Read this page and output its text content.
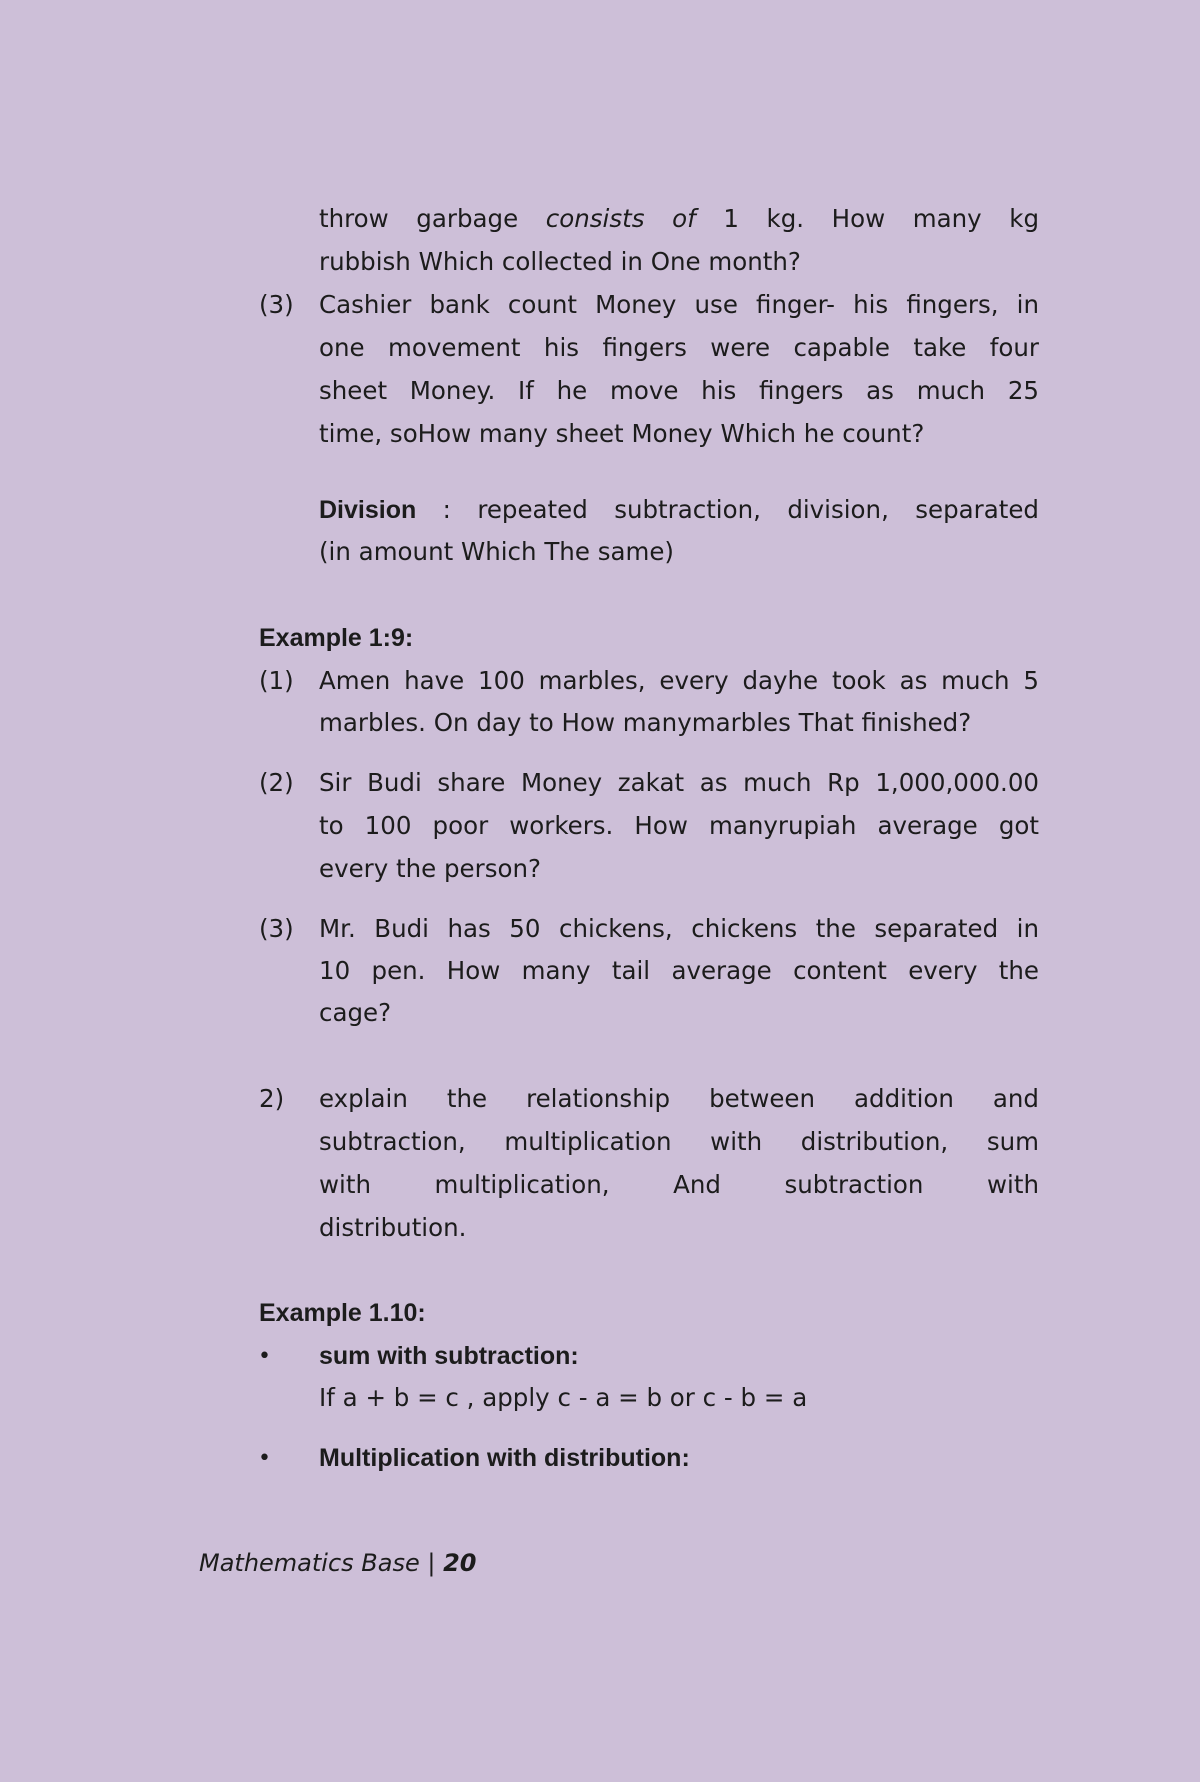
throw garbage consists of 1 kg. How many kg
rubbish Which collected in One month?
(3) Cashier bank count Money use finger- his fingers, in
one movement his fingers were capable take four
sheet Money. If he move his fingers as much 25
time, soHow many sheet Money Which he count?
Division : repeated subtraction, division, separated
(in amount Which The same)
Example 1:9:
(1) Amen have 100 marbles, every dayhe took as much 5
marbles. On day to How manymarbles That finished?
(2) Sir Budi share Money zakat as much Rp 1,000,000.00
to 100 poor workers. How manyrupiah average got
every the person?
(3) Mr. Budi has 50 chickens, chickens the separated in
10 pen. How many tail average content every the
cage?
2) explain the relationship between addition and
subtraction, multiplication with distribution, sum
with multiplication, And subtraction with
distribution.
Example 1.10:
• sum with subtraction:
If a + b = c , apply c - a = b or c - b = a
• Multiplication with distribution:
Mathematics Base | 20
